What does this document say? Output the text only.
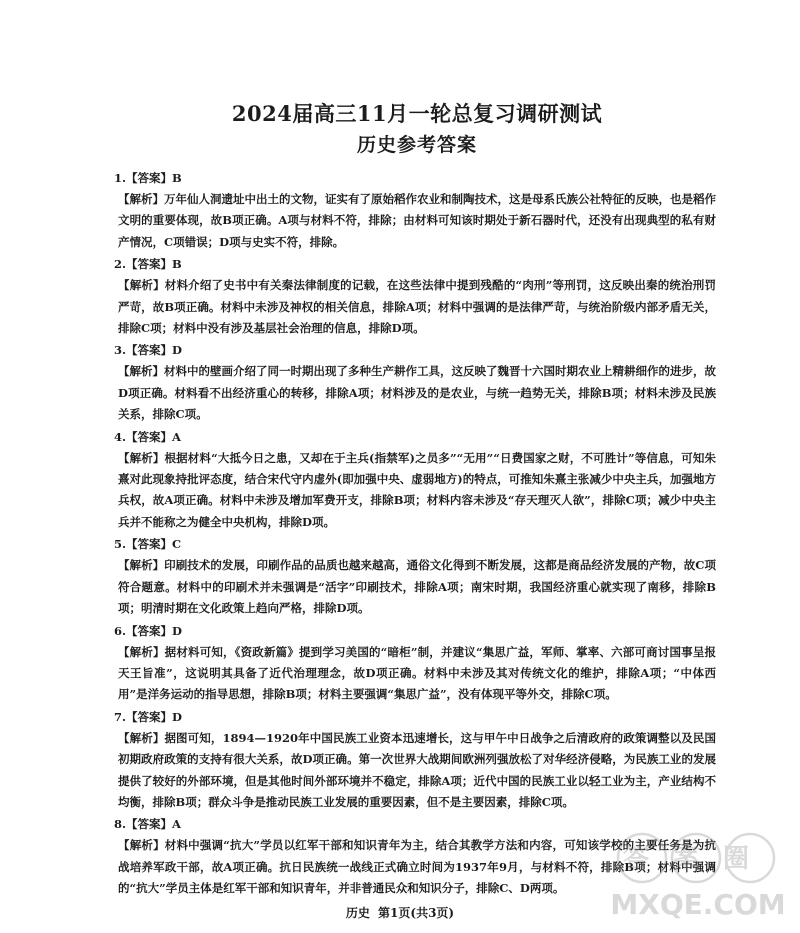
2024届高三11月一轮总复习调研测试
历史参考答案
1.【答案】B

【解析】万年仙人洞遗址中出土的文物，证实有了原始稻作农业和制陶技术，这是母系氏族公社特征的反映，也是稻作文明的重要体现，故B项正确。A项与材料不符，排除；由材料可知该时期处于新石器时代，还没有出现典型的私有财产情况，C项错误；D项与史实不符，排除。

2.【答案】B

【解析】材料介绍了史书中有关秦法律制度的记载，在这些法律中提到残酷的“肉刑”等刑罚，这反映出秦的统治刑罚严苛，故B项正确。材料中未涉及神权的相关信息，排除A项；材料中强调的是法律严苛，与统治阶级内部矛盾无关，排除C项；材料中没有涉及基层社会治理的信息，排除D项。

3.【答案】D

【解析】材料中的壁画介绍了同一时期出现了多种生产耕作工具，这反映了魏晋十六国时期农业上精耕细作的进步，故D项正确。材料看不出经济重心的转移，排除A项；材料涉及的是农业，与统一趋势无关，排除B项；材料未涉及民族关系，排除C项。

4.【答案】A

【解析】根据材料“大抵今日之患，又却在于主兵(指禁军)之员多”“无用”“日费国家之财，不可胜计”等信息，可知朱熹对此现象持批评态度，结合宋代守内虚外(即加强中央、虚弱地方)的特点，可推知朱熹主张减少中央主兵，加强地方兵权，故A项正确。材料中未涉及增加军费开支，排除B项；材料内容未涉及“存天理灭人欲”，排除C项；减少中央主兵并不能称之为健全中央机构，排除D项。

5.【答案】C

【解析】印刷技术的发展，印刷作品的品质也越来越高，通俗文化得到不断发展，这都是商品经济发展的产物，故C项符合题意。材料中的印刷术并未强调是“活字”印刷技术，排除A项；南宋时期，我国经济重心就实现了南移，排除B项；明清时期在文化政策上趋向严格，排除D项。

6.【答案】D

【解析】据材料可知，《资政新篇》提到学习美国的“暗柜”制，并建议“集思广益，军师、掌率、六部可商讨国事呈报天王旨准”，这说明其具备了近代治理理念，故D项正确。材料中未涉及其对传统文化的维护，排除A项；“中体西用”是洋务运动的指导思想，排除B项；材料主要强调“集思广益”，没有体现平等外交，排除C项。

7.【答案】D

【解析】据图可知，1894—1920年中国民族工业资本迅速增长，这与甲午中日战争之后清政府的政策调整以及民国初期政府政策的支持有很大关系，故D项正确。第一次世界大战期间欧洲列强放松了对华经济侵略，为民族工业的发展提供了较好的外部环境，但是其他时间外部环境并不稳定，排除A项；近代中国的民族工业以轻工业为主，产业结构不均衡，排除B项；群众斗争是推动民族工业发展的重要因素，但不是主要因素，排除C项。

8.【答案】A

【解析】材料中强调“抗大”学员以红军干部和知识青年为主，结合其教学方法和内容，可知该学校的主要任务是为抗战培养军政干部，故A项正确。抗日民族统一战线正式确立时间为1937年9月，与材料不符，排除B项；材料中强调的“抗大”学员主体是红军干部和知识青年，并非普通民众和知识分子，排除C、D两项。

答案圈
MXQE.COM
历史 第1页(共3页)
